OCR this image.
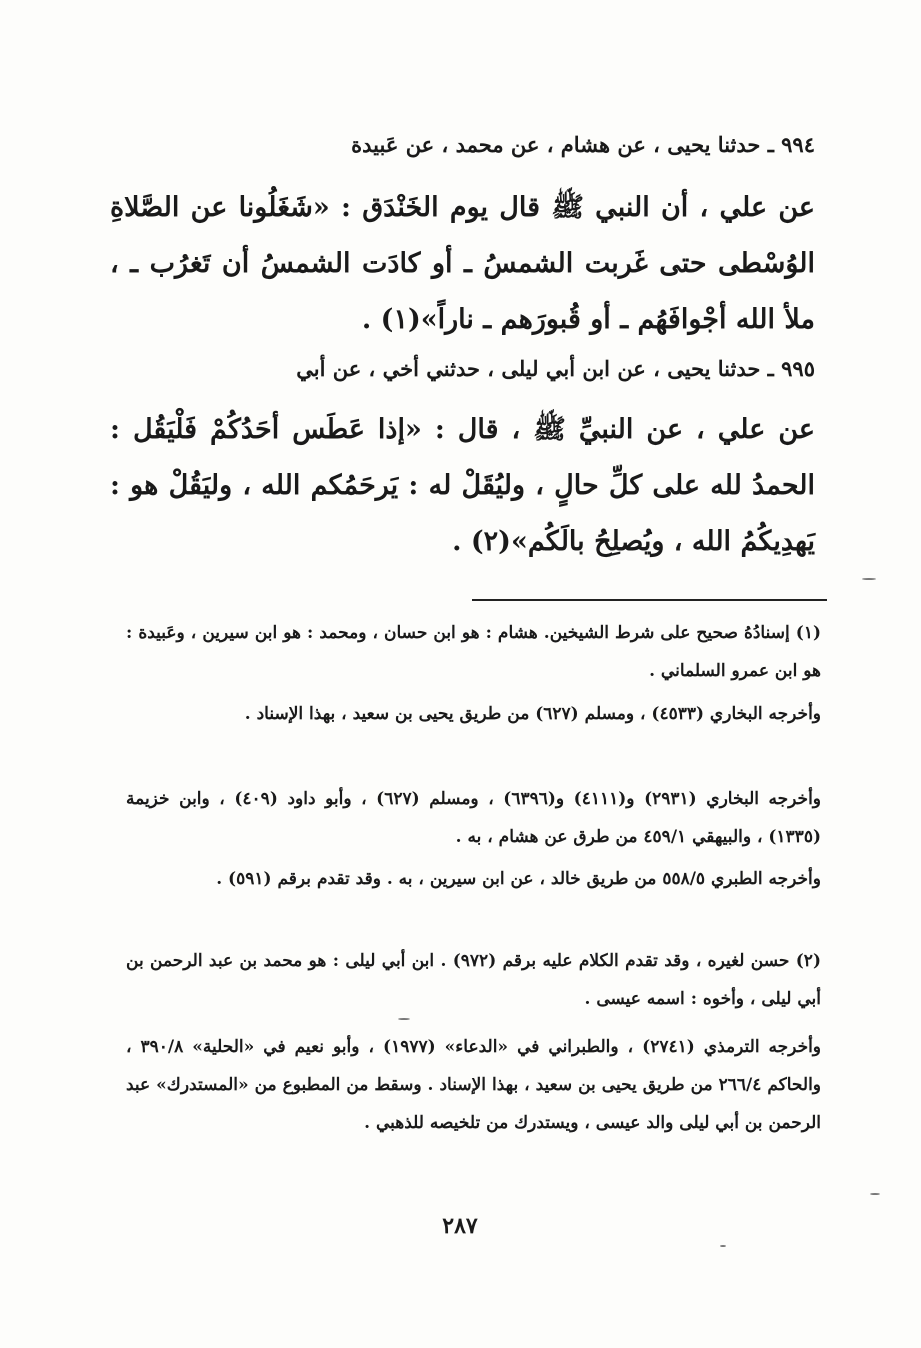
٩٩٤ ـ حدثنا يحيى ، عن هشام ، عن محمد ، عن عَبيدة
عن علي ، أن النبي ﷺ قال يوم الخَنْدَق : «شَغَلُونا عن الصَّلاةِ الوُسْطى حتى غَربت الشمسُ ـ أو كادَت الشمسُ أن تَغرُب ـ ، ملأ الله أجْوافَهُم ـ أو قُبورَهم ـ ناراً»(١) .
٩٩٥ ـ حدثنا يحيى ، عن ابن أبي ليلى ، حدثني أخي ، عن أبي
عن علي ، عن النبيِّ ﷺ ، قال : «إذا عَطَس أحَدُكُمْ فَلْيَقُل : الحمدُ لله على كلِّ حالٍ ، وليُقَلْ له : يَرحَمُكم الله ، وليَقُلْ هو : يَهدِيكُمُ الله ، ويُصلِحُ بالَكُم»(٢) .
(١) إسنادُهُ صحيح على شرط الشيخين. هشام : هو ابن حسان ، ومحمد : هو ابن سيرين ، وعَبيدة : هو ابن عمرو السلماني .
وأخرجه البخاري (٤٥٣٣) ، ومسلم (٦٢٧) من طريق يحيى بن سعيد ، بهذا الإسناد .
وأخرجه البخاري (٢٩٣١) و(٤١١١) و(٦٣٩٦) ، ومسلم (٦٢٧) ، وأبو داود (٤٠٩) ، وابن خزيمة (١٣٣٥) ، والبيهقي ٤٥٩/١ من طرق عن هشام ، به .
وأخرجه الطبري ٥٥٨/٥ من طريق خالد ، عن ابن سيرين ، به . وقد تقدم برقم (٥٩١) .
(٢) حسن لغيره ، وقد تقدم الكلام عليه برقم (٩٧٢) . ابن أبي ليلى : هو محمد بن عبد الرحمن بن أبي ليلى ، وأخوه : اسمه عيسى .
وأخرجه الترمذي (٢٧٤١) ، والطبراني في «الدعاء» (١٩٧٧) ، وأبو نعيم في «الحلية» ٣٩٠/٨ ، والحاكم ٢٦٦/٤ من طريق يحيى بن سعيد ، بهذا الإسناد . وسقط من المطبوع من «المستدرك» عبد الرحمن بن أبي ليلى والد عيسى ، ويستدرك من تلخيصه للذهبي .
٢٨٧
